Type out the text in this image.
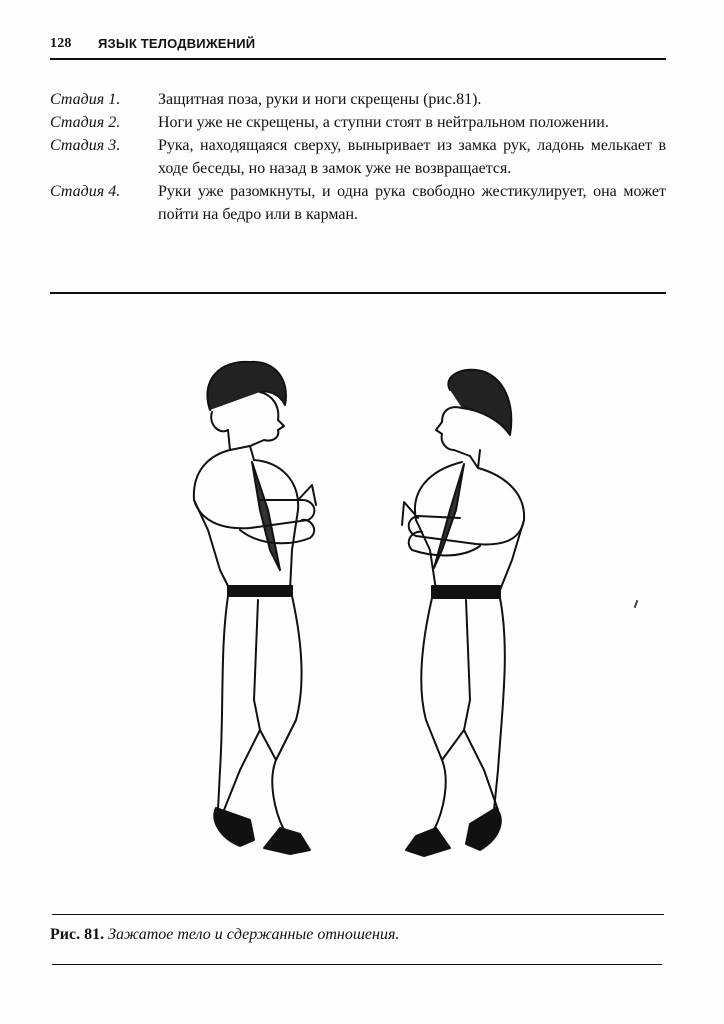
128 ЯЗЫК ТЕЛОДВИЖЕНИЙ
Стадия 1.	Защитная поза, руки и ноги скрещены (рис.81).
Стадия 2.	Ноги уже не скрещены, а ступни стоят в нейтральном положении.
Стадия 3.	Рука, находящаяся сверху, выныривает из замка рук, ладонь мелькает в ходе беседы, но назад в замок уже не возвращается.
Стадия 4.	Руки уже разомкнуты, и одна рука свободно жестикулирует, она может пойти на бедро или в карман.
Рис. 81. Зажатое тело и сдержанные отношения.
